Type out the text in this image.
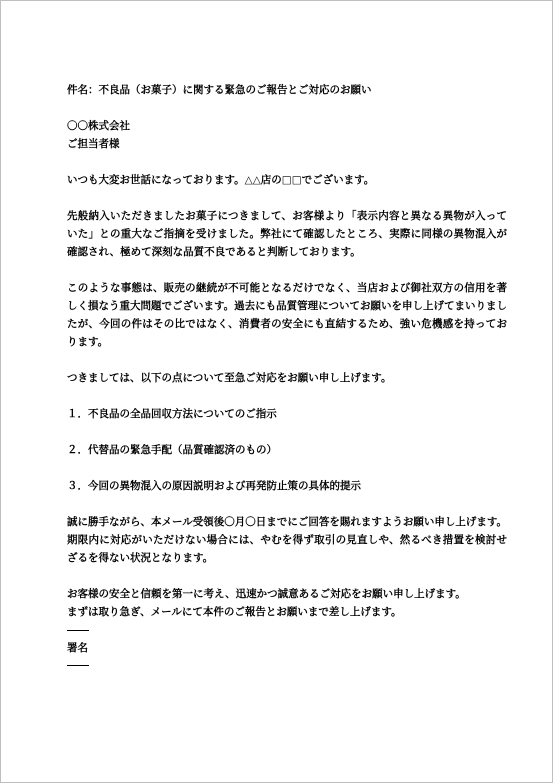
件名：不良品（お菓子）に関する緊急のご報告とご対応のお願い

〇〇株式会社

ご担当者様

いつも大変お世話になっております。△△店の□□でございます。

先般納入いただきましたお菓子につきまして、お客様より「表示内容と異なる異物が入っていた」との重大なご指摘を受けました。弊社にて確認したところ、実際に同様の異物混入が確認され、極めて深刻な品質不良であると判断しております。

このような事態は、販売の継続が不可能となるだけでなく、当店および御社双方の信用を著しく損なう重大問題でございます。過去にも品質管理についてお願いを申し上げてまいりましたが、今回の件はその比ではなく、消費者の安全にも直結するため、強い危機感を持っております。

つきましては、以下の点について至急ご対応をお願い申し上げます。

１．不良品の全品回収方法についてのご指示

２．代替品の緊急手配（品質確認済のもの）

３．今回の異物混入の原因説明および再発防止策の具体的提示

誠に勝手ながら、本メール受領後〇月〇日までにご回答を賜れますようお願い申し上げます。期限内に対応がいただけない場合には、やむを得ず取引の見直しや、然るべき措置を検討せざるを得ない状況となります。

お客様の安全と信頼を第一に考え、迅速かつ誠意あるご対応をお願い申し上げます。

まずは取り急ぎ、メールにて本件のご報告とお願いまで差し上げます。

署名
